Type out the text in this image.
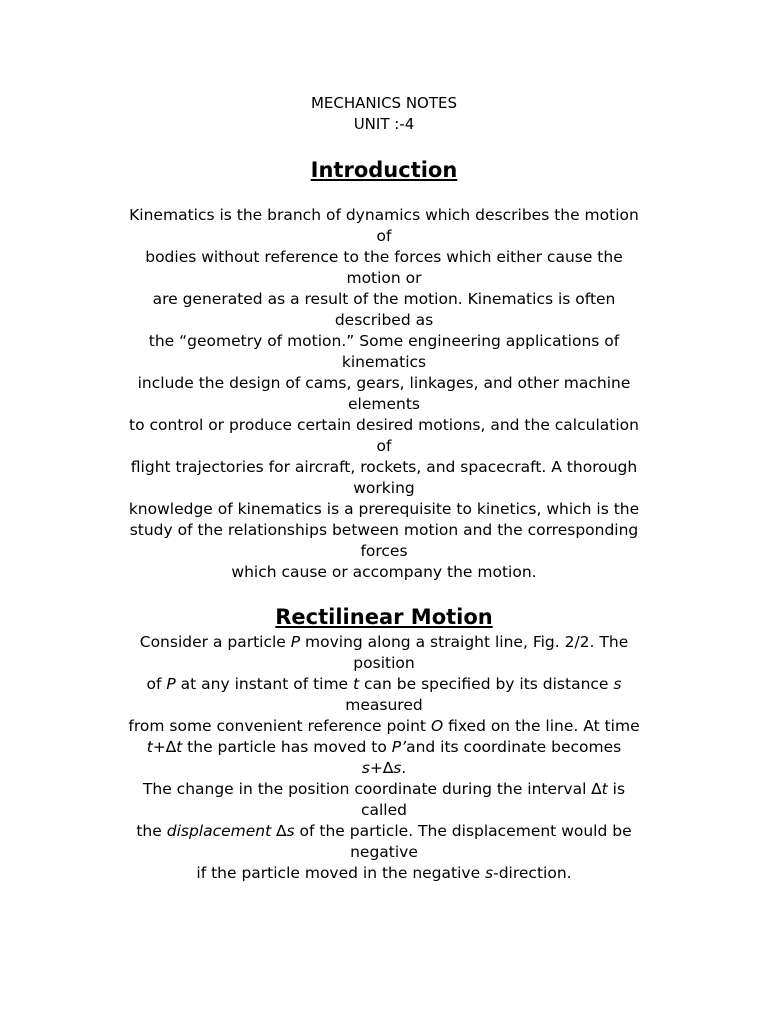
MECHANICS NOTES
UNIT :-4
Introduction
Kinematics is the branch of dynamics which describes the motion
of
bodies without reference to the forces which either cause the
motion or
are generated as a result of the motion. Kinematics is often
described as
the “geometry of motion.” Some engineering applications of
kinematics
include the design of cams, gears, linkages, and other machine
elements
to control or produce certain desired motions, and the calculation
of
flight trajectories for aircraft, rockets, and spacecraft. A thorough
working
knowledge of kinematics is a prerequisite to kinetics, which is the
study of the relationships between motion and the corresponding
forces
which cause or accompany the motion.
Rectilinear Motion
Consider a particle P moving along a straight line, Fig. 2/2. The
position
of P at any instant of time t can be specified by its distance s
measured
from some convenient reference point O fixed on the line. At time
t+∆t the particle has moved to P’and its coordinate becomes
s+∆s.
The change in the position coordinate during the interval ∆t is
called
the displacement ∆s of the particle. The displacement would be
negative
if the particle moved in the negative s-direction.
